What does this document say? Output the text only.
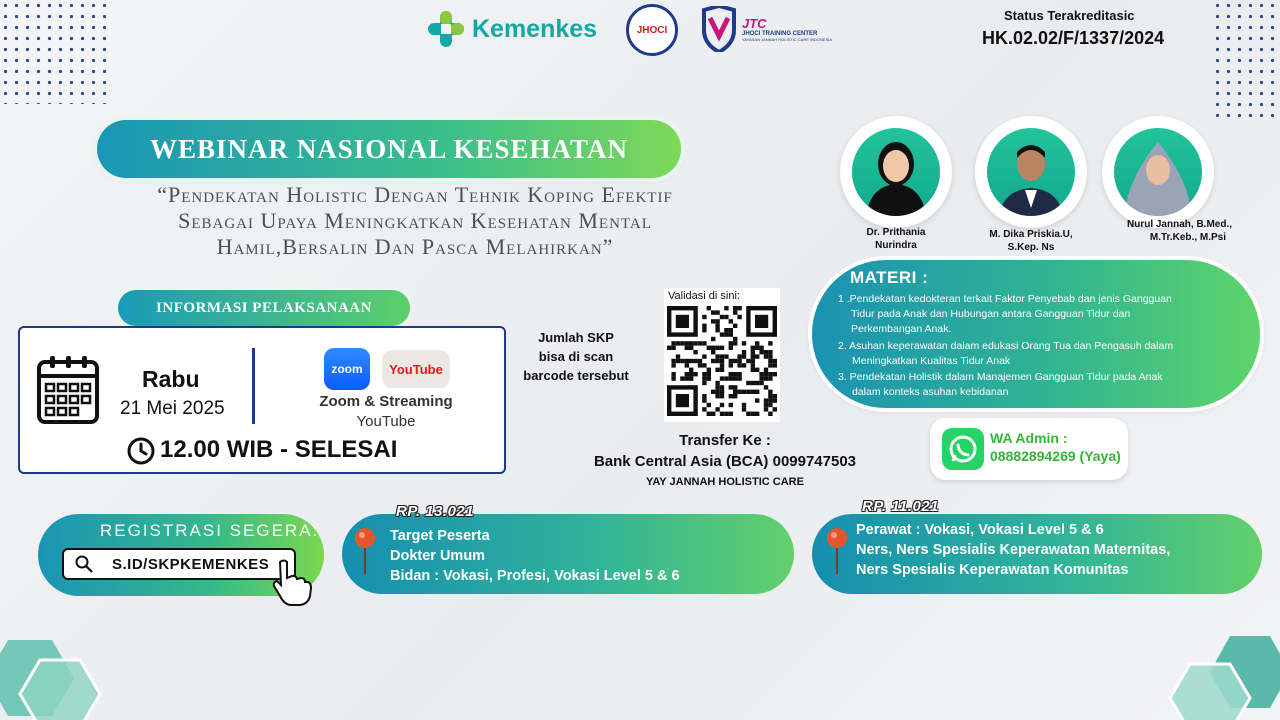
Kemenkes	JHOCI	JTC
JHOCI TRAINING CENTER
YAYASAN JANNAH HOLISTIC CARE INDONESIA
Status Terakreditasic
HK.02.02/F/1337/2024
WEBINAR NASIONAL KESEHATAN
“Pendekatan Holistic Dengan Tehnik Koping Efektif
Sebagai Upaya Meningkatkan Kesehatan Mental
Hamil,Bersalin Dan Pasca Melahirkan”
Dr. Prithania
Nurindra
M. Dika Priskia.U,
S.Kep. Ns
Nurul Jannah, B.Med.,
M.Tr.Keb., M.Psi
MATERI :
1 .Pendekatan kedokteran terkait Faktor Penyebab dan jenis Gangguan
Tidur pada Anak dan Hubungan antara Gangguan Tidur dan
Perkembangan Anak.
2. Asuhan keperawatan dalam edukasi Orang Tua dan Pengasuh dalam
Meningkatkan Kualitas Tidur Anak
3. Pendekatan Holistik dalam Manajemen Gangguan Tidur pada Anak
dalam konteks asuhan kebidanan
INFORMASI PELAKSANAAN
Rabu
21 Mei 2025
zoom YouTube
Zoom & Streaming
YouTube
12.00 WIB - SELESAI
Jumlah SKP
bisa di scan
barcode tersebut
Validasi di sini:
Transfer Ke :
Bank Central Asia (BCA) 0099747503
YAY JANNAH HOLISTIC CARE
WA Admin :
08882894269 (Yaya)
REGISTRASI SEGERA:
S.ID/SKPKEMENKES
RP. 13.021
Target Peserta
Dokter Umum
Bidan : Vokasi, Profesi, Vokasi Level 5 & 6
RP. 11.021
Perawat : Vokasi, Vokasi Level 5 & 6
Ners, Ners Spesialis Keperawatan Maternitas,
Ners Spesialis Keperawatan Komunitas
